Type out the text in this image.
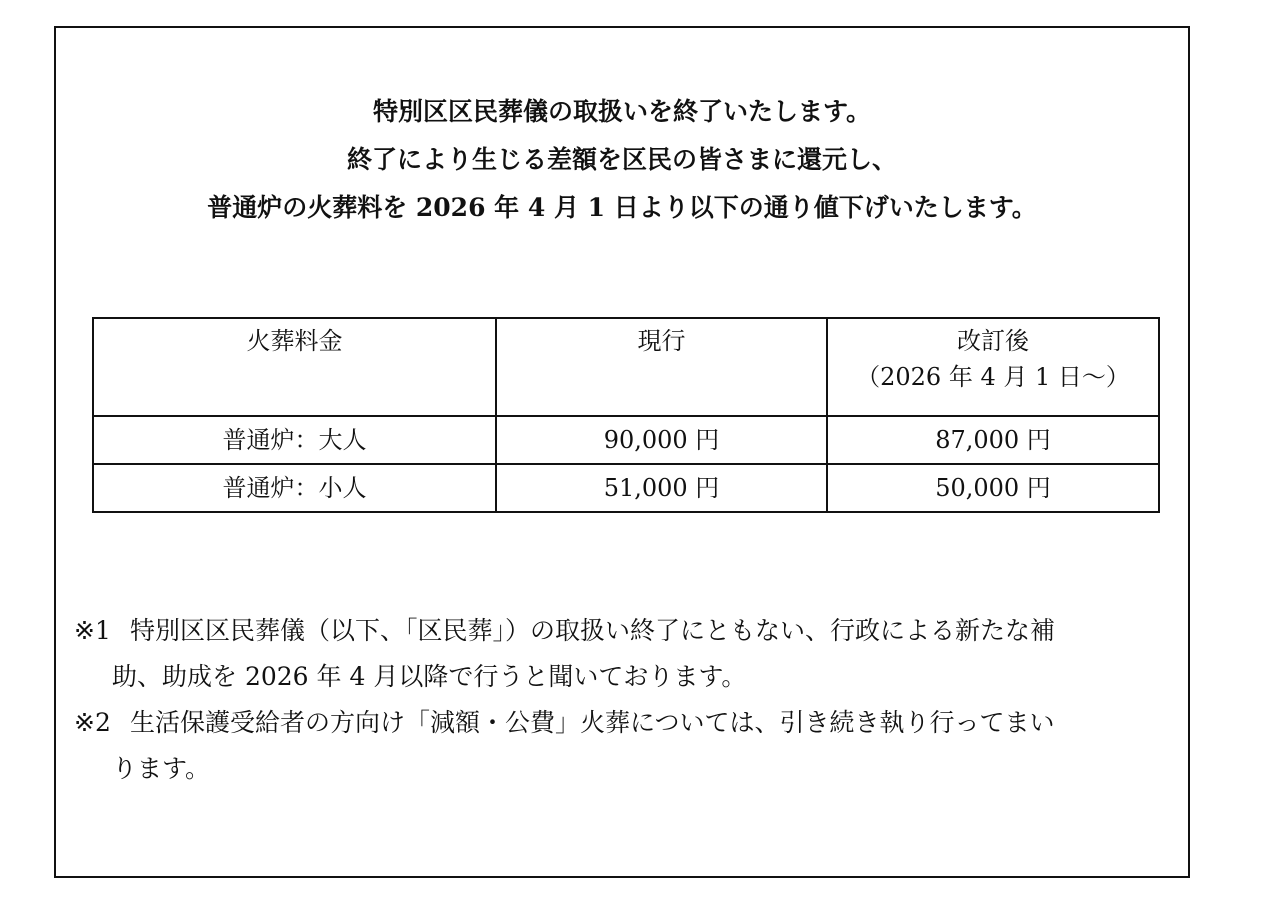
特別区区民葬儀の取扱いを終了いたします。
終了により生じる差額を区民の皆さまに還元し、
普通炉の火葬料を 2026 年 4 月 1 日より以下の通り値下げいたします。
火葬料金	現行	改訂後
（2026 年 4 月 1 日～）

普通炉：大人	90,000 円	87,000 円
普通炉：小人	51,000 円	50,000 円
※1 特別区区民葬儀（以下、「区民葬」）の取扱い終了にともない、行政による新たな補
助、助成を 2026 年 4 月以降で行うと聞いております。
※2 生活保護受給者の方向け「減額・公費」火葬については、引き続き執り行ってまい
ります。
